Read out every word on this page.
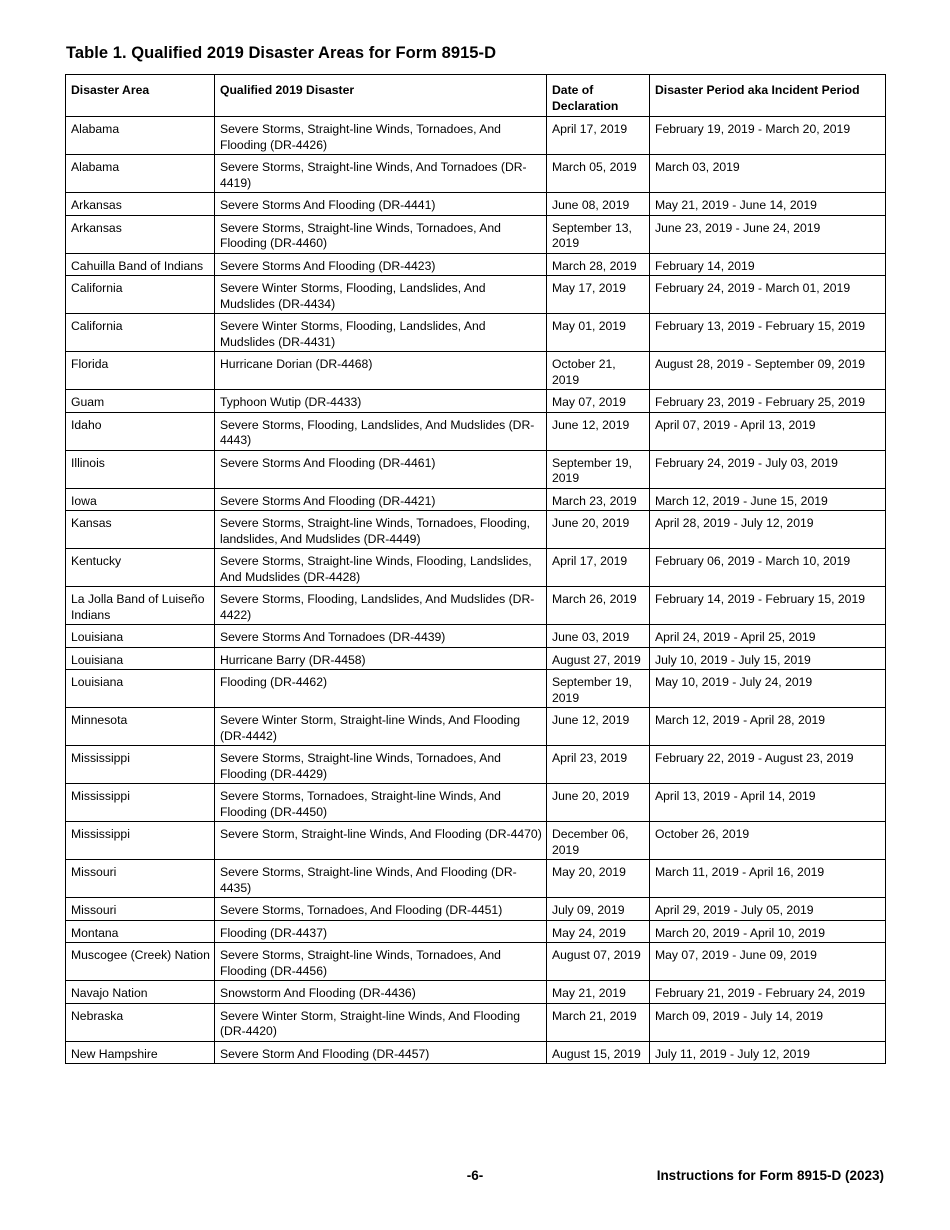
Table 1. Qualified 2019 Disaster Areas for Form 8915-D
Disaster Area	Qualified 2019 Disaster	Date of Declaration	Disaster Period aka Incident Period
Alabama	Severe Storms, Straight-line Winds, Tornadoes, And Flooding (DR-4426)	April 17, 2019	February 19, 2019 - March 20, 2019
Alabama	Severe Storms, Straight-line Winds, And Tornadoes (DR-4419)	March 05, 2019	March 03, 2019
Arkansas	Severe Storms And Flooding (DR-4441)	June 08, 2019	May 21, 2019 - June 14, 2019
Arkansas	Severe Storms, Straight-line Winds, Tornadoes, And Flooding (DR-4460)	September 13, 2019	June 23, 2019 - June 24, 2019
Cahuilla Band of Indians	Severe Storms And Flooding (DR-4423)	March 28, 2019	February 14, 2019
California	Severe Winter Storms, Flooding, Landslides, And Mudslides (DR-4434)	May 17, 2019	February 24, 2019 - March 01, 2019
California	Severe Winter Storms, Flooding, Landslides, And Mudslides (DR-4431)	May 01, 2019	February 13, 2019 - February 15, 2019
Florida	Hurricane Dorian (DR-4468)	October 21, 2019	August 28, 2019 - September 09, 2019
Guam	Typhoon Wutip (DR-4433)	May 07, 2019	February 23, 2019 - February 25, 2019
Idaho	Severe Storms, Flooding, Landslides, And Mudslides (DR-4443)	June 12, 2019	April 07, 2019 - April 13, 2019
Illinois	Severe Storms And Flooding (DR-4461)	September 19, 2019	February 24, 2019 - July 03, 2019
Iowa	Severe Storms And Flooding (DR-4421)	March 23, 2019	March 12, 2019 - June 15, 2019
Kansas	Severe Storms, Straight-line Winds, Tornadoes, Flooding, landslides, And Mudslides (DR-4449)	June 20, 2019	April 28, 2019 - July 12, 2019
Kentucky	Severe Storms, Straight-line Winds, Flooding, Landslides, And Mudslides (DR-4428)	April 17, 2019	February 06, 2019 - March 10, 2019
La Jolla Band of Luiseño Indians	Severe Storms, Flooding, Landslides, And Mudslides (DR-4422)	March 26, 2019	February 14, 2019 - February 15, 2019
Louisiana	Severe Storms And Tornadoes (DR-4439)	June 03, 2019	April 24, 2019 - April 25, 2019
Louisiana	Hurricane Barry (DR-4458)	August 27, 2019	July 10, 2019 - July 15, 2019
Louisiana	Flooding (DR-4462)	September 19, 2019	May 10, 2019 - July 24, 2019
Minnesota	Severe Winter Storm, Straight-line Winds, And Flooding (DR-4442)	June 12, 2019	March 12, 2019 - April 28, 2019
Mississippi	Severe Storms, Straight-line Winds, Tornadoes, And Flooding (DR-4429)	April 23, 2019	February 22, 2019 - August 23, 2019
Mississippi	Severe Storms, Tornadoes, Straight-line Winds, And Flooding (DR-4450)	June 20, 2019	April 13, 2019 - April 14, 2019
Mississippi	Severe Storm, Straight-line Winds, And Flooding (DR-4470)	December 06, 2019	October 26, 2019
Missouri	Severe Storms, Straight-line Winds, And Flooding (DR-4435)	May 20, 2019	March 11, 2019 - April 16, 2019
Missouri	Severe Storms, Tornadoes, And Flooding (DR-4451)	July 09, 2019	April 29, 2019 - July 05, 2019
Montana	Flooding (DR-4437)	May 24, 2019	March 20, 2019 - April 10, 2019
Muscogee (Creek) Nation	Severe Storms, Straight-line Winds, Tornadoes, And Flooding (DR-4456)	August 07, 2019	May 07, 2019 - June 09, 2019
Navajo Nation	Snowstorm And Flooding (DR-4436)	May 21, 2019	February 21, 2019 - February 24, 2019
Nebraska	Severe Winter Storm, Straight-line Winds, And Flooding (DR-4420)	March 21, 2019	March 09, 2019 - July 14, 2019
New Hampshire	Severe Storm And Flooding (DR-4457)	August 15, 2019	July 11, 2019 - July 12, 2019
-6-	Instructions for Form 8915-D (2023)
